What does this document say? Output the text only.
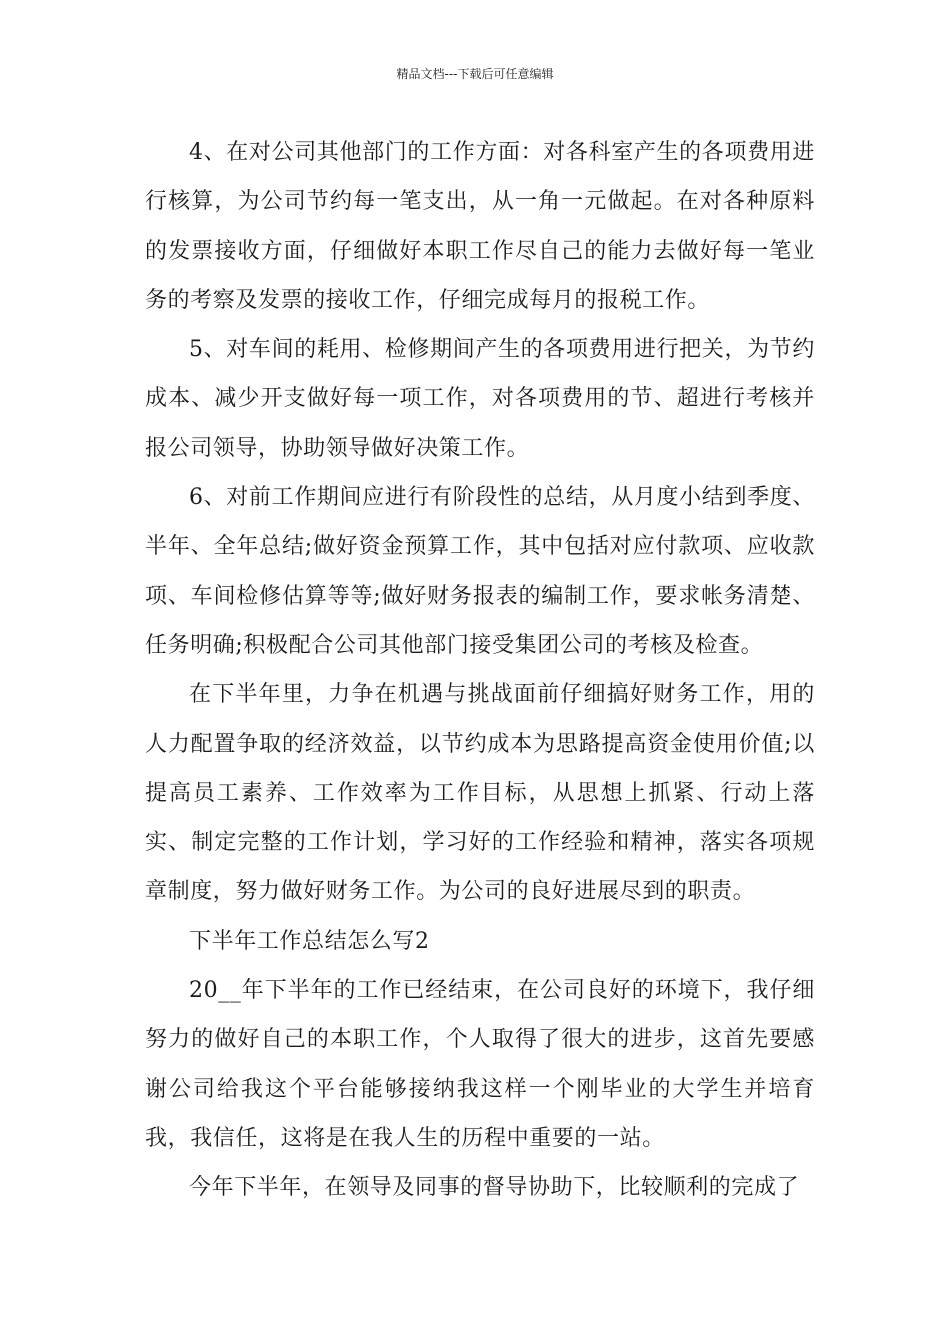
精品文档---下载后可任意编辑

4、在对公司其他部门的工作方面：对各科室产生的各项费用进行核算，为公司节约每一笔支出，从一角一元做起。在对各种原料的发票接收方面，仔细做好本职工作尽自己的能力去做好每一笔业务的考察及发票的接收工作，仔细完成每月的报税工作。

5、对车间的耗用、检修期间产生的各项费用进行把关，为节约成本、减少开支做好每一项工作，对各项费用的节、超进行考核并报公司领导，协助领导做好决策工作。

6、对前工作期间应进行有阶段性的总结，从月度小结到季度、半年、全年总结;做好资金预算工作，其中包括对应付款项、应收款项、车间检修估算等等;做好财务报表的编制工作，要求帐务清楚、任务明确;积极配合公司其他部门接受集团公司的考核及检查。

在下半年里，力争在机遇与挑战面前仔细搞好财务工作，用的人力配置争取的经济效益，以节约成本为思路提高资金使用价值;以提高员工素养、工作效率为工作目标，从思想上抓紧、行动上落实、制定完整的工作计划，学习好的工作经验和精神，落实各项规章制度，努力做好财务工作。为公司的良好进展尽到的职责。

下半年工作总结怎么写2

20__年下半年的工作已经结束，在公司良好的环境下，我仔细努力的做好自己的本职工作，个人取得了很大的进步，这首先要感谢公司给我这个平台能够接纳我这样一个刚毕业的大学生并培育我，我信任，这将是在我人生的历程中重要的一站。

今年下半年，在领导及同事的督导协助下，比较顺利的完成了
